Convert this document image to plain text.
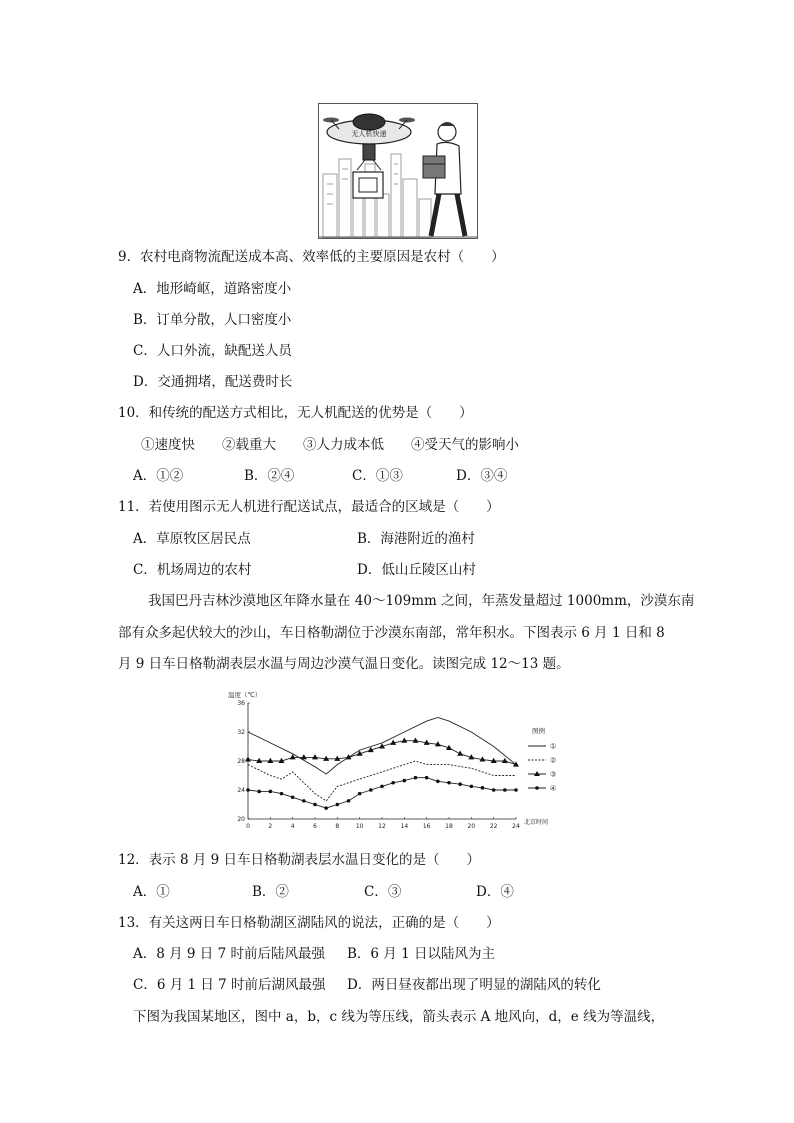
无人机快递
9．农村电商物流配送成本高、效率低的主要原因是农村（　　）
A．地形崎岖，道路密度小
B．订单分散，人口密度小
C．人口外流，缺配送人员
D．交通拥堵，配送费时长
10．和传统的配送方式相比，无人机配送的优势是（　　）
①速度快　　②载重大　　③人力成本低　　④受天气的影响小
A．①②	B．②④	C．①③	D．③④
11．若使用图示无人机进行配送试点，最适合的区域是（　　）
A．草原牧区居民点	B．海港附近的渔村
C．机场周边的农村	D．低山丘陵区山村
我国巴丹吉林沙漠地区年降水量在 40～109mm 之间，年蒸发量超过 1000mm，沙漠东南
部有众多起伏较大的沙山，车日格勒湖位于沙漠东南部，常年积水。下图表示 6 月 1 日和 8
月 9 日车日格勒湖表层水温与周边沙漠气温日变化。读图完成 12～13 题。
温度（℃）
北京时间
图例
0	2	4	6	8	10 12 14 16 18 20 22 24
20
24
28
32
36
①
②
③
④
12．表示 8 月 9 日车日格勒湖表层水温日变化的是（　　）
A．①	B．②	C．③	D．④
13．有关这两日车日格勒湖区湖陆风的说法，正确的是（　　）
A．8 月 9 日 7 时前后陆风最强 B．6 月 1 日以陆风为主
C．6 月 1 日 7 时前后湖风最强 D．两日昼夜都出现了明显的湖陆风的转化
下图为我国某地区，图中 a，b，c 线为等压线，箭头表示 A 地风向，d，e 线为等温线，
